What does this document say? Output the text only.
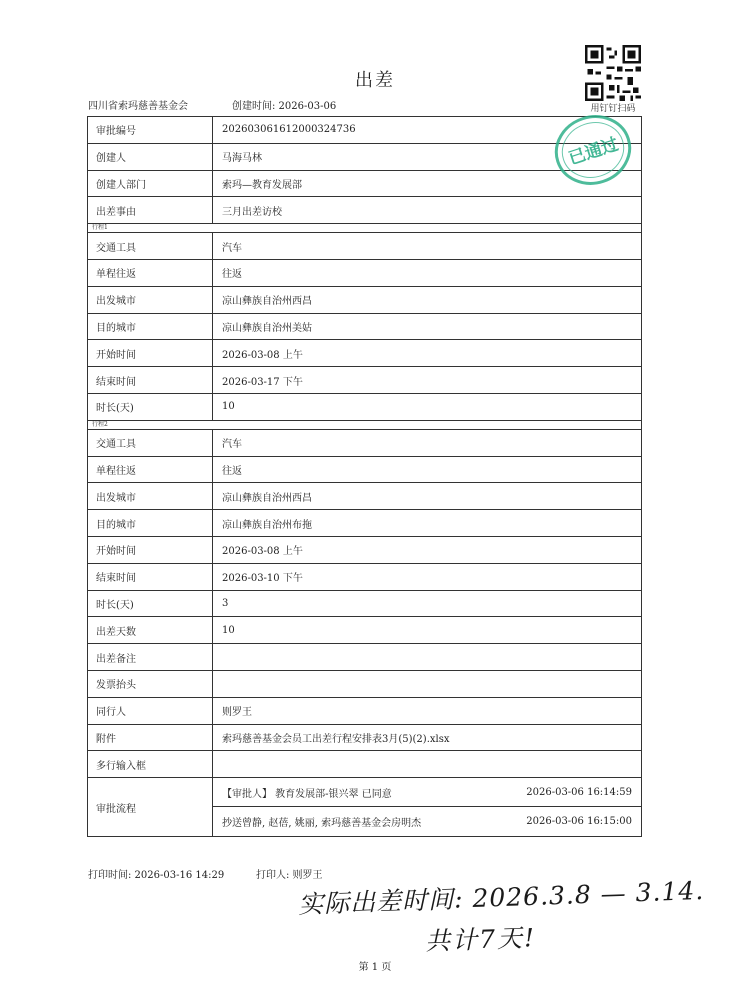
出差
用钉钉扫码
四川省索玛慈善基金会	创建时间: 2026-03-06
审批编号	202603061612000324736
创建人	马海马林
创建人部门	索玛—教育发展部
出差事由	三月出差访校
行程1
交通工具	汽车
单程往返	往返
出发城市	凉山彝族自治州西昌
目的城市	凉山彝族自治州美姑
开始时间	2026-03-08 上午
结束时间	2026-03-17 下午
时长(天)	10
行程2
交通工具	汽车
单程往返	往返
出发城市	凉山彝族自治州西昌
目的城市	凉山彝族自治州布拖
开始时间	2026-03-08 上午
结束时间	2026-03-10 下午
时长(天)	3
出差天数	10
出差备注
发票抬头
同行人	则罗王
附件	索玛慈善基金会员工出差行程安排表3月(5)(2).xlsx
多行输入框
审批流程
【审批人】 教育发展部-银兴翠 已同意	2026-03-06 16:14:59
抄送曾静, 赵蓓, 姚丽, 索玛慈善基金会房明杰	2026-03-06 16:15:00
已通过
打印时间: 2026-03-16 14:29	打印人: 则罗王
实际出差时间: 2026.3.8 — 3.14.
共计7天!
第 1 页
